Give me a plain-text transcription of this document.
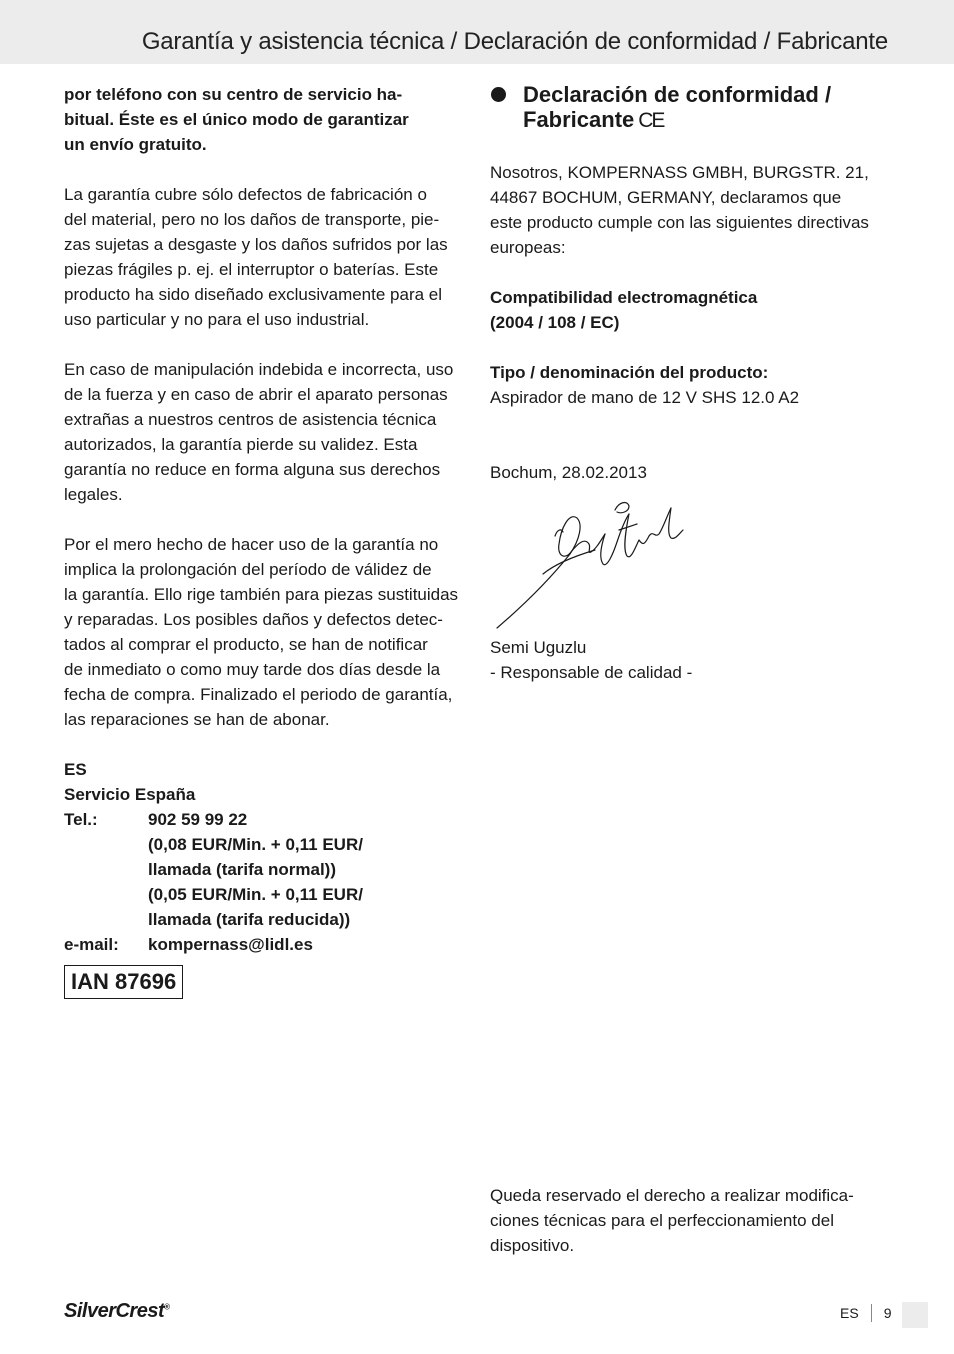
Garantía y asistencia técnica / Declaración de conformidad / Fabricante

por teléfono con su centro de servicio ha-

bitual. Éste es el único modo de garantizar

un envío gratuito.

La garantía cubre sólo defectos de fabricación o

del material, pero no los daños de transporte, pie-

zas sujetas a desgaste y los daños sufridos por las

piezas frágiles p. ej. el interruptor o baterías. Este

producto ha sido diseñado exclusivamente para el

uso particular y no para el uso industrial.

En caso de manipulación indebida e incorrecta, uso

de la fuerza y en caso de abrir el aparato personas

extrañas a nuestros centros de asistencia técnica

autorizados, la garantía pierde su validez. Esta

garantía no reduce en forma alguna sus derechos

legales.

Por el mero hecho de hacer uso de la garantía no

implica la prolongación del período de válidez de

la garantía. Ello rige también para piezas sustituidas

y reparadas. Los posibles daños y defectos detec-

tados al comprar el producto, se han de notificar

de inmediato o como muy tarde dos días desde la

fecha de compra. Finalizado el periodo de garantía,

las reparaciones se han de abonar.

ES

Servicio España

Tel.:	902 59 99 22

(0,08 EUR/Min. + 0,11 EUR/

llamada (tarifa normal))

(0,05 EUR/Min. + 0,11 EUR/

llamada (tarifa reducida))

e-mail:	kompernass@lidl.es
IAN 87696
Declaración de conformidad /
Fabricante CE

Nosotros, KOMPERNASS GMBH, BURGSTR. 21,

44867 BOCHUM, GERMANY, declaramos que

este producto cumple con las siguientes directivas

europeas:

Compatibilidad electromagnética

(2004 / 108 / EC)

Tipo / denominación del producto:

Aspirador de mano de 12 V SHS 12.0 A2

Bochum, 28.02.2013

Semi Uguzlu

- Responsable de calidad -

Queda reservado el derecho a realizar modifica-

ciones técnicas para el perfeccionamiento del

dispositivo.

SilverCrest®	ES 9
